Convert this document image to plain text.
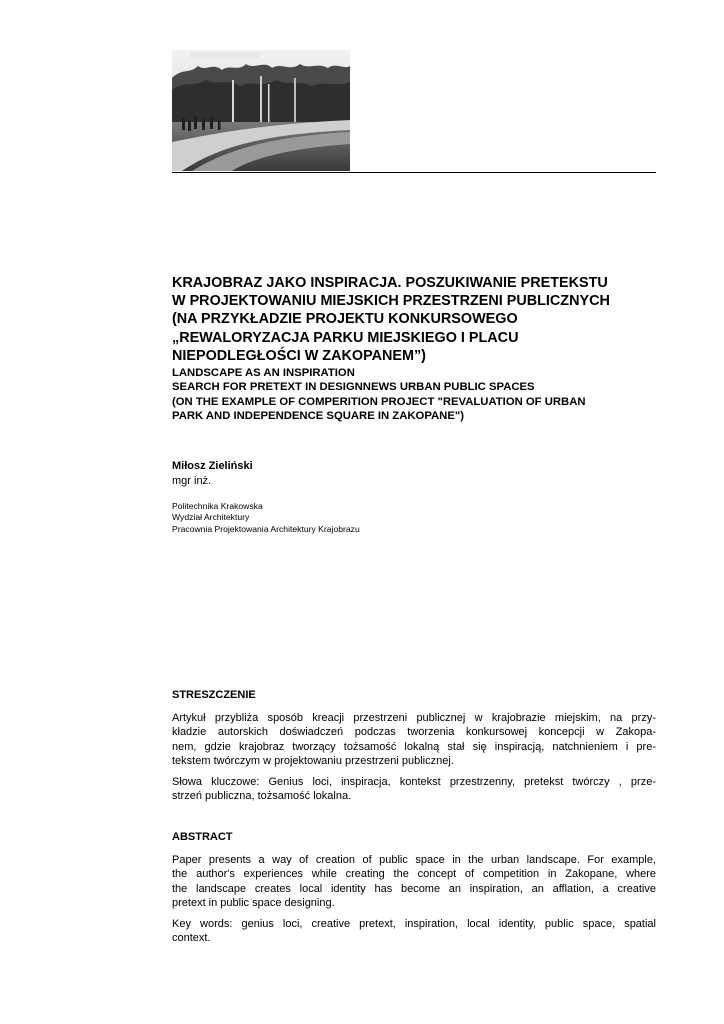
KRAJOBRAZ JAKO INSPIRACJA. POSZUKIWANIE PRETEKSTU
W PROJEKTOWANIU MIEJSKICH PRZESTRZENI PUBLICZNYCH
(NA PRZYKŁADZIE PROJEKTU KONKURSOWEGO
„REWALORYZACJA PARKU MIEJSKIEGO I PLACU
NIEPODLEGŁOŚCI W ZAKOPANEM”)
LANDSCAPE AS AN INSPIRATION
SEARCH FOR PRETEXT IN DESIGNNEWS URBAN PUBLIC SPACES
(ON THE EXAMPLE OF COMPERITION PROJECT "REVALUATION OF URBAN
PARK AND INDEPENDENCE SQUARE IN ZAKOPANE")
Miłosz Zieliński
mgr inż.
Politechnika Krakowska
Wydział Architektury
Pracownia Projektowania Architektury Krajobrazu
STRESZCZENIE

Artykuł przybliża sposób kreacji przestrzeni publicznej w krajobrazie miejskim, na przy-
kładzie autorskich doświadczeń podczas tworzenia konkursowej koncepcji w Zakopa-
nem, gdzie krajobraz tworzący tożsamość lokalną stał się inspiracją, natchnieniem i pre-
tekstem twórczym w projektowaniu przestrzeni publicznej.

Słowa kluczowe: Genius loci, inspiracja, kontekst przestrzenny, pretekst twórczy , prze-
strzeń publiczna, tożsamość lokalna.

ABSTRACT

Paper presents a way of creation of public space in the urban landscape. For example,
the author's experiences while creating the concept of competition in Zakopane, where
the landscape creates local identity has become an inspiration, an afflation, a creative
pretext in public space designing.

Key words: genius loci, creative pretext, inspiration, local identity, public space, spatial
context.
